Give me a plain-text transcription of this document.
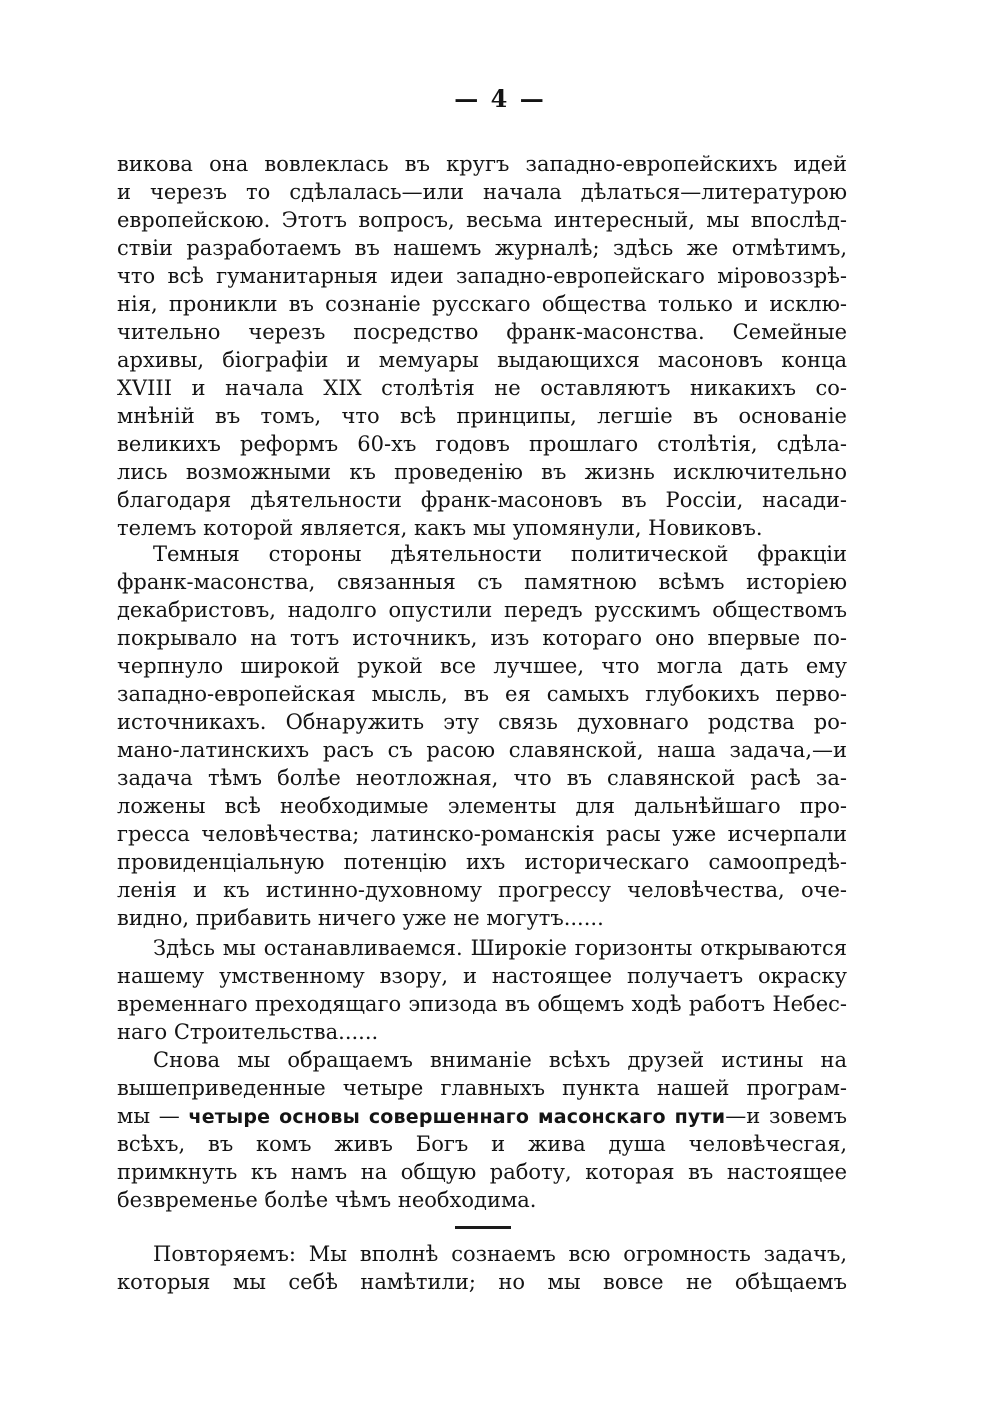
— 4 —
викова она вовлеклась въ кругъ западно-европейскихъ идей
и черезъ то сдѣлалась—или начала дѣлаться—литературою
европейскою. Этотъ вопросъ, весьма интересный, мы впослѣд-
ствіи разработаемъ въ нашемъ журналѣ; здѣсь же отмѣтимъ,
что всѣ гуманитарныя идеи западно-европейскаго міровоззрѣ-
нія, проникли въ сознаніе русскаго общества только и исклю-
чительно черезъ посредство франк-масонства. Семейные
архивы, біографіи и мемуары выдающихся масоновъ конца
XVIII и начала XIX столѣтія не оставляютъ никакихъ со-
мнѣній въ томъ, что всѣ принципы, легшіе въ основаніе
великихъ реформъ 60-хъ годовъ прошлаго столѣтія, сдѣла-
лись возможными къ проведенію въ жизнь исключительно
благодаря дѣятельности франк-масоновъ въ Россіи, насади-
телемъ которой является, какъ мы упомянули, Новиковъ.
Темныя стороны дѣятельности политической фракціи
франк-масонства, связанныя съ памятною всѣмъ исторіею
декабристовъ, надолго опустили передъ русскимъ обществомъ
покрывало на тотъ источникъ, изъ котораго оно впервые по-
черпнуло широкой рукой все лучшее, что могла дать ему
западно-европейская мысль, въ ея самыхъ глубокихъ перво-
источникахъ. Обнаружить эту связь духовнаго родства ро-
мано-латинскихъ расъ съ расою славянской, наша задача,—и
задача тѣмъ болѣе неотложная, что въ славянской расѣ за-
ложены всѣ необходимые элементы для дальнѣйшаго про-
гресса человѣчества; латинско-романскія расы уже исчерпали
провиденціальную потенцію ихъ историческаго самоопредѣ-
ленія и къ истинно-духовному прогрессу человѣчества, оче-
видно, прибавить ничего уже не могутъ......
Здѣсь мы останавливаемся. Широкіе горизонты открываются
нашему умственному взору, и настоящее получаетъ окраску
временнаго преходящаго эпизода въ общемъ ходѣ работъ Небес-
наго Строительства......
Снова мы обращаемъ вниманіе всѣхъ друзей истины на
вышеприведенные четыре главныхъ пункта нашей програм-
мы — четыре основы совершеннаго масонскаго пути—и зовемъ
всѣхъ, въ комъ живъ Богъ и жива душа человѣчесгая,
примкнуть къ намъ на общую работу, которая въ настоящее
безвременье болѣе чѣмъ необходима.
Повторяемъ: Мы вполнѣ сознаемъ всю огромность задачъ,
которыя мы себѣ намѣтили; но мы вовсе не обѣщаемъ
